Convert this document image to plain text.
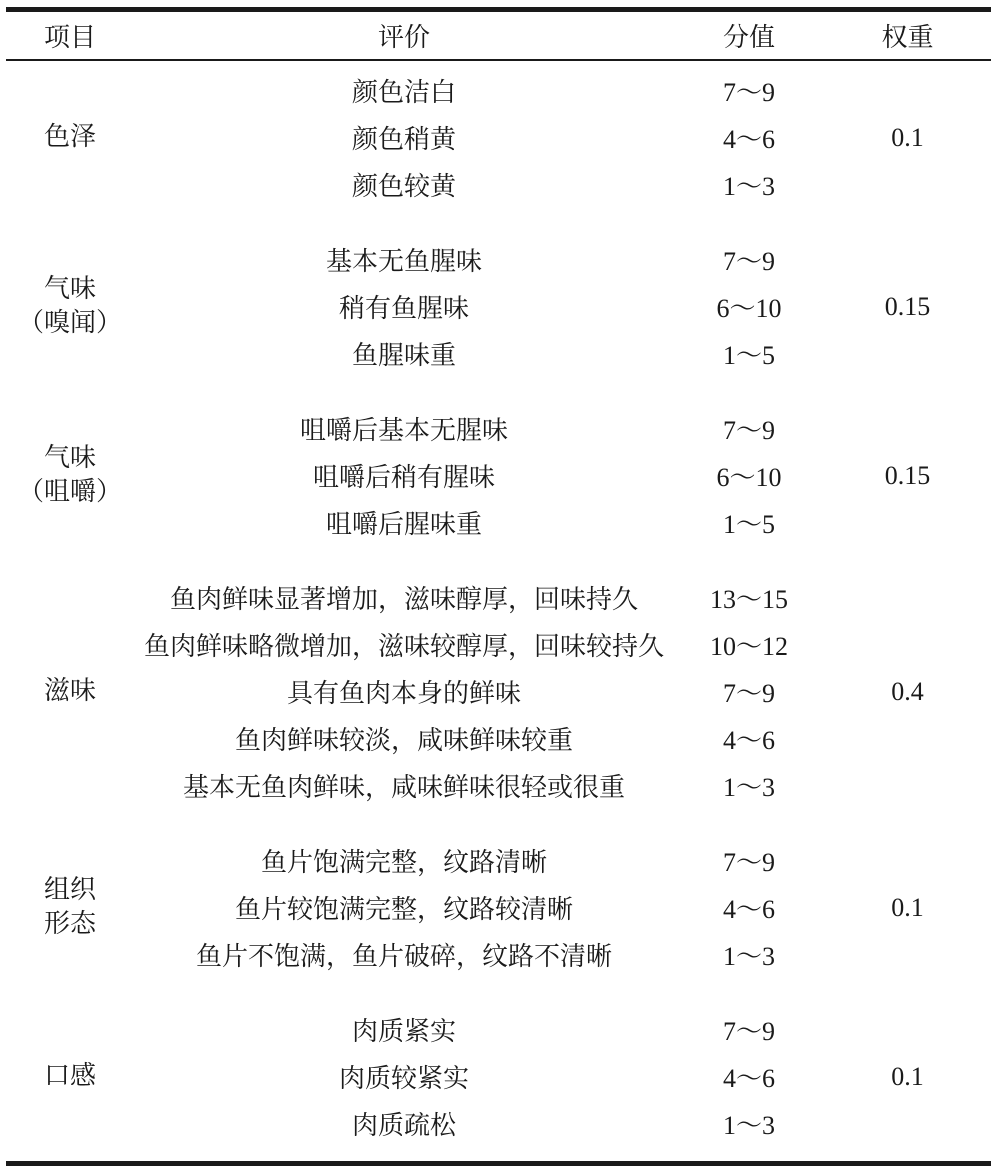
项目	评价	分值	权重

色泽	颜色洁白	7～9	0.1
	颜色稍黄	4～6	
	颜色较黄	1～3	

气味
（嗅闻）	基本无鱼腥味	7～9	0.15
	稍有鱼腥味	6～10	
	鱼腥味重	1～5	

气味
（咀嚼）	咀嚼后基本无腥味	7～9	0.15
	咀嚼后稍有腥味	6～10	
	咀嚼后腥味重	1～5	

滋味	鱼肉鲜味显著增加，滋味醇厚，回味持久	13～15	0.4
	鱼肉鲜味略微增加，滋味较醇厚，回味较持久	10～12	
	具有鱼肉本身的鲜味	7～9	
	鱼肉鲜味较淡，咸味鲜味较重	4～6	
	基本无鱼肉鲜味，咸味鲜味很轻或很重	1～3	

组织
形态	鱼片饱满完整，纹路清晰	7～9	0.1
	鱼片较饱满完整，纹路较清晰	4～6	
	鱼片不饱满，鱼片破碎，纹路不清晰	1～3	

口感	肉质紧实	7～9	0.1
	肉质较紧实	4～6	
	肉质疏松	1～3	
